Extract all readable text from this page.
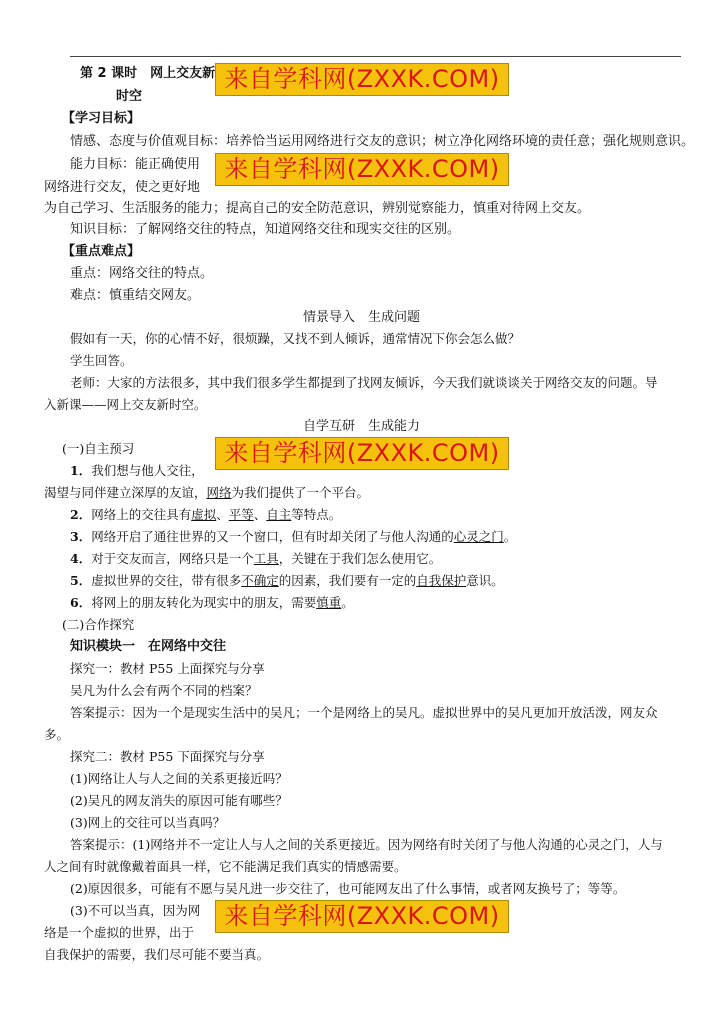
第 2 课时　网上交友新
时空
【学习目标】
情感、态度与价值观目标：培养恰当运用网络进行交友的意识；树立净化网络环境的责任意；强化规则意识。
能力目标：能正确使用
网络进行交友，使之更好地
为自己学习、生活服务的能力；提高自己的安全防范意识，辨别觉察能力，慎重对待网上交友。
知识目标：了解网络交往的特点，知道网络交往和现实交往的区别。
【重点难点】
重点：网络交往的特点。
难点：慎重结交网友。
情景导入　生成问题
假如有一天，你的心情不好，很烦躁，又找不到人倾诉，通常情况下你会怎么做？
学生回答。
老师：大家的方法很多，其中我们很多学生都提到了找网友倾诉，今天我们就谈谈关于网络交友的问题。导
入新课——网上交友新时空。
自学互研　生成能力
(一)自主预习
1．我们想与他人交往，
渴望与同伴建立深厚的友谊，网络为我们提供了一个平台。
2．网络上的交往具有虚拟、平等、自主等特点。
3．网络开启了通往世界的又一个窗口，但有时却关闭了与他人沟通的心灵之门。
4．对于交友而言，网络只是一个工具，关键在于我们怎么使用它。
5．虚拟世界的交往，带有很多不确定的因素，我们要有一定的自我保护意识。
6．将网上的朋友转化为现实中的朋友，需要慎重。
(二)合作探究
知识模块一　在网络中交往
探究一：教材 P55 上面探究与分享
吴凡为什么会有两个不同的档案？
答案提示：因为一个是现实生活中的吴凡；一个是网络上的吴凡。虚拟世界中的吴凡更加开放活泼，网友众
多。
探究二：教材 P55 下面探究与分享
(1)网络让人与人之间的关系更接近吗？
(2)吴凡的网友消失的原因可能有哪些？
(3)网上的交往可以当真吗？
答案提示：(1)网络并不一定让人与人之间的关系更接近。因为网络有时关闭了与他人沟通的心灵之门，人与
人之间有时就像戴着面具一样，它不能满足我们真实的情感需要。
(2)原因很多，可能有不愿与吴凡进一步交往了，也可能网友出了什么事情，或者网友换号了；等等。
(3)不可以当真，因为网
络是一个虚拟的世界，出于
自我保护的需要，我们尽可能不要当真。
来自学科网(ZXXK.COM)
来自学科网(ZXXK.COM)
来自学科网(ZXXK.COM)
来自学科网(ZXXK.COM)
